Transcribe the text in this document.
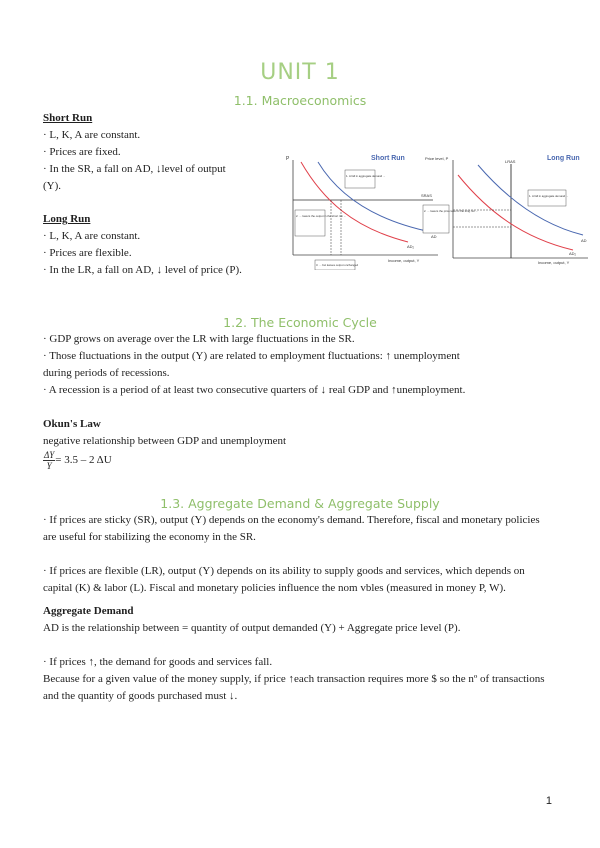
UNIT 1
1.1. Macroeconomics
Short Run
· L, K, A are constant.
· Prices are fixed.
· In the SR, a fall on AD, ↓level of output
(Y).
Long Run
· L, K, A are constant.
· Prices are flexible.
· In the LR, a fall on AD, ↓ level of price (P).
P
Income, output, Y
Short Run
SRAS
AD
AD₂
1. A fall in aggregate demand ...
2. ... lowers the output in the short run ...
3. ... but leaves output unchanged
Price level, P
Income, output, Y
Long Run
LRAS
AD
AD₂
1. A fall in aggregate demand ...
2. ... lowers the price level in the long run ...
1.2. The Economic Cycle
· GDP grows on average over the LR with large fluctuations in the SR.
· Those fluctuations in the output (Y) are related to employment fluctuations: ↑ unemployment
during periods of recessions.
· A recession is a period of at least two consecutive quarters of ↓ real GDP and ↑unemployment.
Okun's Law
negative relationship between GDP and unemployment
$\frac{\Delta Y}{Y} = 3.5 - 2$ ΔU
1.3. Aggregate Demand & Aggregate Supply
· If prices are sticky (SR), output (Y) depends on the economy's demand. Therefore, fiscal and monetary policies are useful for stabilizing the economy in the SR.
· If prices are flexible (LR), output (Y) depends on its ability to supply goods and services, which depends on capital (K) & labor (L). Fiscal and monetary policies influence the nom vbles (measured in money P, W).
Aggregate Demand
AD is the relationship between = quantity of output demanded (Y) + Aggregate price level (P).
· If prices ↑, the demand for goods and services fall.
Because for a given value of the money supply, if price ↑each transaction requires more $ so the nº of transactions and the quantity of goods purchased must ↓.
1
